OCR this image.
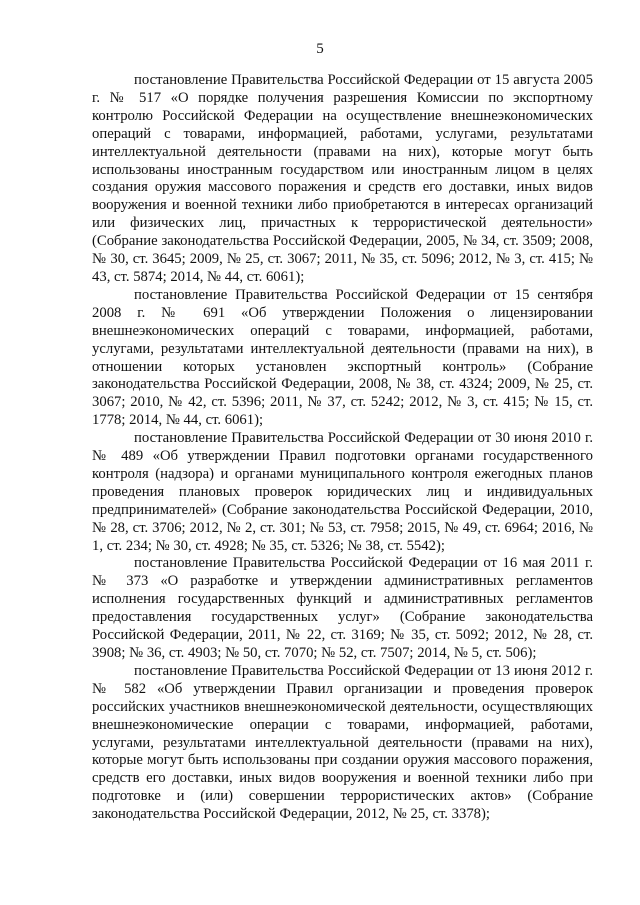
5

постановление Правительства Российской Федерации от 15 августа 2005 г. № 517 «О порядке получения разрешения Комиссии по экспортному контролю Российской Федерации на осуществление внешнеэкономических операций с товарами, информацией, работами, услугами, результатами интеллектуальной деятельности (правами на них), которые могут быть использованы иностранным государством или иностранным лицом в целях создания оружия массового поражения и средств его доставки, иных видов вооружения и военной техники либо приобретаются в интересах организаций или физических лиц, причастных к террористической деятельности» (Собрание законодательства Российской Федерации, 2005, № 34, ст. 3509; 2008, № 30, ст. 3645; 2009, № 25, ст. 3067; 2011, № 35, ст. 5096; 2012, № 3, ст. 415; № 43, ст. 5874; 2014, № 44, ст. 6061);

постановление Правительства Российской Федерации от 15 сентября 2008 г. № 691 «Об утверждении Положения о лицензировании внешнеэкономических операций с товарами, информацией, работами, услугами, результатами интеллектуальной деятельности (правами на них), в отношении которых установлен экспортный контроль» (Собрание законодательства Российской Федерации, 2008, № 38, ст. 4324; 2009, № 25, ст. 3067; 2010, № 42, ст. 5396; 2011, № 37, ст. 5242; 2012, № 3, ст. 415; № 15, ст. 1778; 2014, № 44, ст. 6061);

постановление Правительства Российской Федерации от 30 июня 2010 г. № 489 «Об утверждении Правил подготовки органами государственного контроля (надзора) и органами муниципального контроля ежегодных планов проведения плановых проверок юридических лиц и индивидуальных предпринимателей» (Собрание законодательства Российской Федерации, 2010, № 28, ст. 3706; 2012, № 2, ст. 301; № 53, ст. 7958; 2015, № 49, ст. 6964; 2016, № 1, ст. 234; № 30, ст. 4928; № 35, ст. 5326; № 38, ст. 5542);

постановление Правительства Российской Федерации от 16 мая 2011 г. № 373 «О разработке и утверждении административных регламентов исполнения государственных функций и административных регламентов предоставления государственных услуг» (Собрание законодательства Российской Федерации, 2011, № 22, ст. 3169; № 35, ст. 5092; 2012, № 28, ст. 3908; № 36, ст. 4903; № 50, ст. 7070; № 52, ст. 7507; 2014, № 5, ст. 506);

постановление Правительства Российской Федерации от 13 июня 2012 г. № 582 «Об утверждении Правил организации и проведения проверок российских участников внешнеэкономической деятельности, осуществляющих внешнеэкономические операции с товарами, информацией, работами, услугами, результатами интеллектуальной деятельности (правами на них), которые могут быть использованы при создании оружия массового поражения, средств его доставки, иных видов вооружения и военной техники либо при подготовке и (или) совершении террористических актов» (Собрание законодательства Российской Федерации, 2012, № 25, ст. 3378);
